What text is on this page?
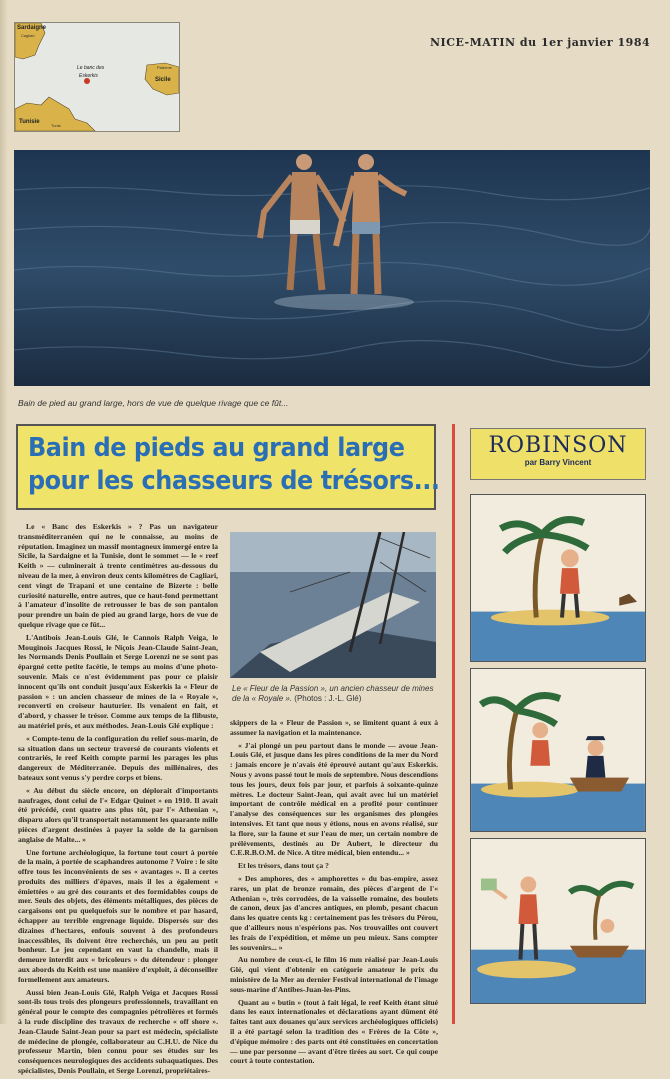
Sardaigne
Cagliari
Le banc des
Eskerkis
Sicile
Palerme
Tunisie
Tunis
NICE-MATIN du 1er janvier 1984
Bain de pied au grand large, hors de vue de quelque rivage que ce fût...
Bain de pieds au grand large
pour les chasseurs de trésors...
ROBINSON
par Barry Vincent

Le « Banc des Eskerkis » ? Pas un navigateur transméditerranéen qui ne le connaisse, au moins de réputation. Imaginez un massif montagneux immergé entre la Sicile, la Sardaigne et la Tunisie, dont le sommet — le « reef Keith » — culminerait à trente centimètres au-dessous du niveau de la mer, à environ deux cents kilomètres de Cagliari, cent vingt de Trapani et une centaine de Bizerte : belle curiosité naturelle, entre autres, que ce haut-fond permettant à l'amateur d'insolite de retrousser le bas de son pantalon pour prendre un bain de pied au grand large, hors de vue de quelque rivage que ce fût...

L'Antibois Jean-Louis Glé, le Cannois Ralph Veiga, le Mouginois Jacques Rossi, le Niçois Jean-Claude Saint-Jean, les Normands Denis Poullain et Serge Lorenzi ne se sont pas épargné cette petite facétie, le temps au moins d'une photo-souvenir. Mais ce n'est évidemment pas pour ce plaisir innocent qu'ils ont conduit jusqu'aux Eskerkis la « Fleur de passion » : un ancien chasseur de mines de la « Royale », reconverti en croiseur hauturier. Ils venaient en fait, et d'abord, y chasser le trésor. Comme aux temps de la flibuste, au matériel près, et aux méthodes. Jean-Louis Glé explique :

« Compte-tenu de la configuration du relief sous-marin, de sa situation dans un secteur traversé de courants violents et contrariés, le reef Keith compte parmi les parages les plus dangereux de Méditerranée. Depuis des millénaires, des bateaux sont venus s'y perdre corps et biens.

« Au début du siècle encore, on déplorait d'importants naufrages, dont celui de l'« Edgar Quinet » en 1910. Il avait été précédé, cent quatre ans plus tôt, par l'« Athenian », disparu alors qu'il transportait notamment les quarante mille pièces d'argent destinées à payer la solde de la garnison anglaise de Malte... »

Une fortune archéologique, la fortune tout court à portée de la main, à portée de scaphandres autonome ? Voire : le site offre tous les inconvénients de ses « avantages ». Il a certes produits des milliers d'épaves, mais il les a également « émiettées » au gré des courants et des formidables coups de mer. Seuls des objets, des éléments métalliques, des pièces de cargaisons ont pu quelquefois sur le nombre et par hasard, échapper au terrible engrenage liquide. Dispersés sur des dizaines d'hectares, enfouis souvent à des profondeurs inaccessibles, ils doivent être recherchés, un peu au petit bonheur. Le jeu cependant en vaut la chandelle, mais il demeure interdit aux « bricoleurs » du détendeur : plonger aux abords du Keith est une manière d'exploit, à déconseiller formellement aux amateurs.

Aussi bien Jean-Louis Glé, Ralph Veiga et Jacques Rossi sont-ils tous trois des plongeurs professionnels, travaillant en général pour le compte des compagnies pétrolières et formés à la rude discipline des travaux de recherche « off shore ». Jean-Claude Saint-Jean pour sa part est médecin, spécialiste de médecine de plongée, collaborateur au C.H.U. de Nice du professeur Martin, bien connu pour ses études sur les conséquences neurologiques des accidents subaquatiques. Des spécialistes, Denis Poullain, et Serge Lorenzi, propriétaires-

Le « Fleur de la Passion », un ancien chasseur de mines de la « Royale ». (Photos : J.-L. Glé)

skippers de la « Fleur de Passion », se limitent quant à eux à assumer la navigation et la maintenance.

« J'ai plongé un peu partout dans le monde — avoue Jean-Louis Glé, et jusque dans les pires conditions de la mer du Nord : jamais encore je n'avais été éprouvé autant qu'aux Eskerkis. Nous y avons passé tout le mois de septembre. Nous descendions tous les jours, deux fois par jour, et parfois à soixante-quinze mètres. Le docteur Saint-Jean, qui avait avec lui un matériel important de contrôle médical en a profité pour continuer l'analyse des conséquences sur les organismes des plongées intensives. Et tant que nous y étions, nous en avons réalisé, sur la flore, sur la faune et sur l'eau de mer, un certain nombre de prélèvements, destinés au Dr Aubert, le directeur du C.E.R.B.O.M. de Nice. A titre médical, bien entendu... »

Et les trésors, dans tout ça ?

« Des amphores, des « amphorettes » du bas-empire, assez rares, un plat de bronze romain, des pièces d'argent de l'« Athenian », très corrodées, de la vaisselle romaine, des boulets de canon, deux jas d'ancres antiques, en plomb, pesant chacun dans les quatre cents kg : certainement pas les trésors du Pérou, que d'ailleurs nous n'espérions pas. Nos trouvailles ont couvert les frais de l'expédition, et même un peu mieux. Sans compter les souvenirs... »

Au nombre de ceux-ci, le film 16 mm réalisé par Jean-Louis Glé, qui vient d'obtenir en catégorie amateur le prix du ministère de la Mer au dernier Festival international de l'image sous-marine d'Antibes-Juan-les-Pins.

Quant au « butin » (tout à fait légal, le reef Keith étant situé dans les eaux internationales et déclarations ayant dûment été faites tant aux douanes qu'aux services archéologiques officiels) il a été partagé selon la tradition des « Frères de la Côte », d'épique mémoire : des parts ont été constituées en concertation — une par personne — avant d'être tirées au sort. Ce qui coupe court à toute contestation.
